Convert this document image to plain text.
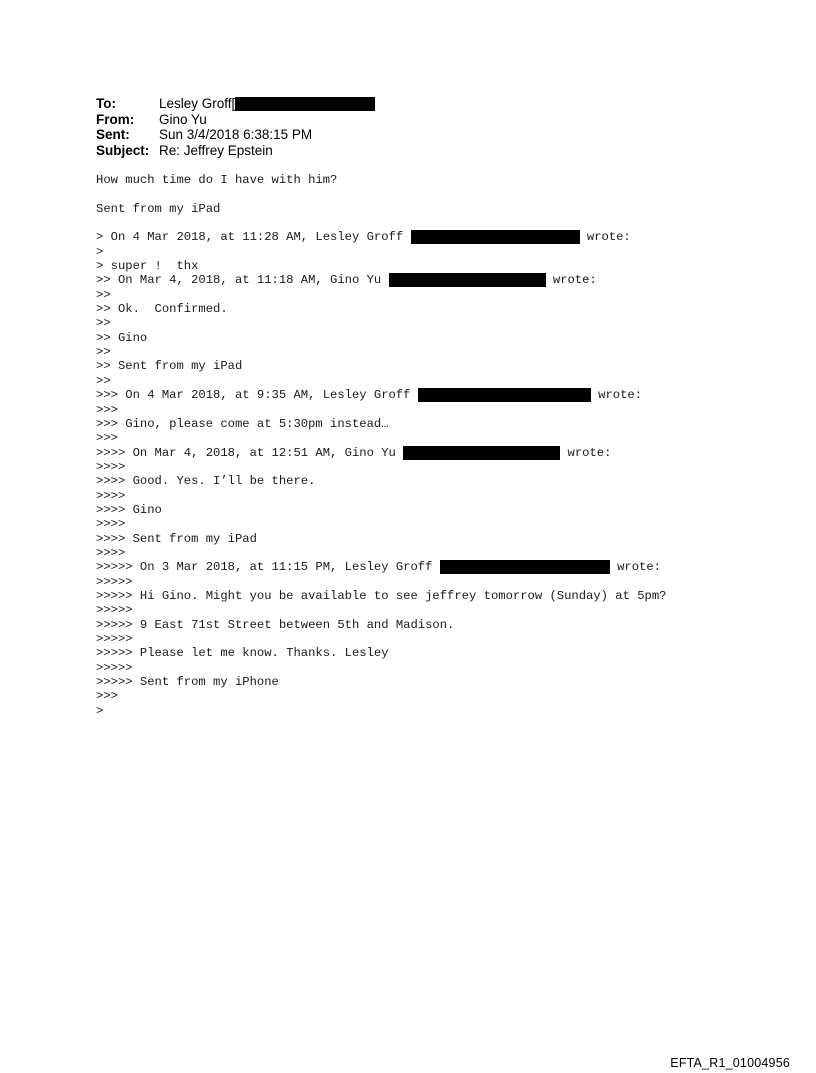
To:	Lesley Groff[
From:	Gino Yu
Sent:	Sun 3/4/2018 6:38:15 PM
Subject: Re: Jeffrey Epstein
How much time do I have with him?
Sent from my iPad
> On 4 Mar 2018, at 11:28 AM, Lesley Groff	wrote:
>
> super !  thx
>> On Mar 4, 2018, at 11:18 AM, Gino Yu	wrote:
>>
>> Ok.  Confirmed.
>>
>> Gino
>>
>> Sent from my iPad
>>
>>> On 4 Mar 2018, at 9:35 AM, Lesley Groff	wrote:
>>>
>>> Gino, please come at 5:30pm instead…
>>>
>>>> On Mar 4, 2018, at 12:51 AM, Gino Yu	wrote:
>>>>
>>>> Good. Yes. I’ll be there.
>>>>
>>>> Gino
>>>>
>>>> Sent from my iPad
>>>>
>>>>> On 3 Mar 2018, at 11:15 PM, Lesley Groff	wrote:
>>>>>
>>>>> Hi Gino. Might you be available to see jeffrey tomorrow (Sunday) at 5pm?
>>>>>
>>>>> 9 East 71st Street between 5th and Madison.
>>>>>
>>>>> Please let me know. Thanks. Lesley
>>>>>
>>>>> Sent from my iPhone
>>>
>
EFTA_R1_01004956
